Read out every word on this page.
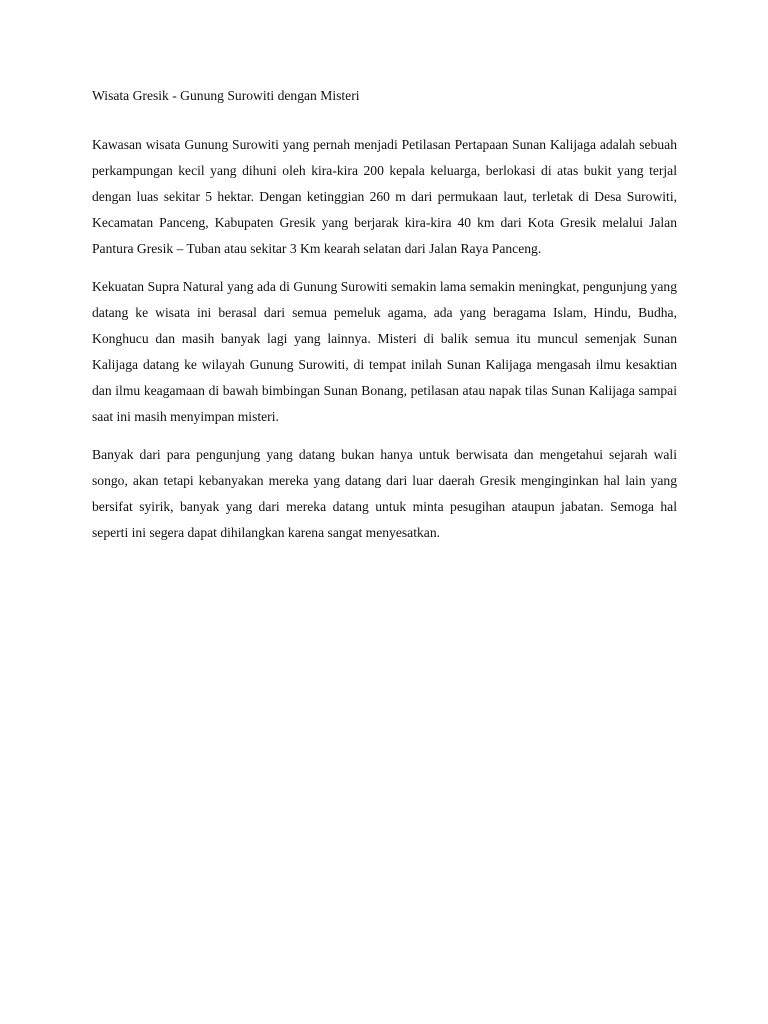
Wisata Gresik - Gunung Surowiti dengan Misteri

Kawasan wisata Gunung Surowiti yang pernah menjadi Petilasan Pertapaan Sunan Kalijaga adalah sebuah perkampungan kecil yang dihuni oleh kira-kira 200 kepala keluarga, berlokasi di atas bukit yang terjal dengan luas sekitar 5 hektar. Dengan ketinggian 260 m dari permukaan laut, terletak di Desa Surowiti, Kecamatan Panceng, Kabupaten Gresik yang berjarak kira-kira 40 km dari Kota Gresik melalui Jalan Pantura Gresik – Tuban atau sekitar 3 Km kearah selatan dari Jalan Raya Panceng.

Kekuatan Supra Natural yang ada di Gunung Surowiti semakin lama semakin meningkat, pengunjung yang datang ke wisata ini berasal dari semua pemeluk agama, ada yang beragama Islam, Hindu, Budha, Konghucu dan masih banyak lagi yang lainnya. Misteri di balik semua itu muncul semenjak Sunan Kalijaga datang ke wilayah Gunung Surowiti, di tempat inilah Sunan Kalijaga mengasah ilmu kesaktian dan ilmu keagamaan di bawah bimbingan Sunan Bonang, petilasan atau napak tilas Sunan Kalijaga sampai saat ini masih menyimpan misteri.

Banyak dari para pengunjung yang datang bukan hanya untuk berwisata dan mengetahui sejarah wali songo, akan tetapi kebanyakan mereka yang datang dari luar daerah Gresik menginginkan hal lain yang bersifat syirik, banyak yang dari mereka datang untuk minta pesugihan ataupun jabatan. Semoga hal seperti ini segera dapat dihilangkan karena sangat menyesatkan.
